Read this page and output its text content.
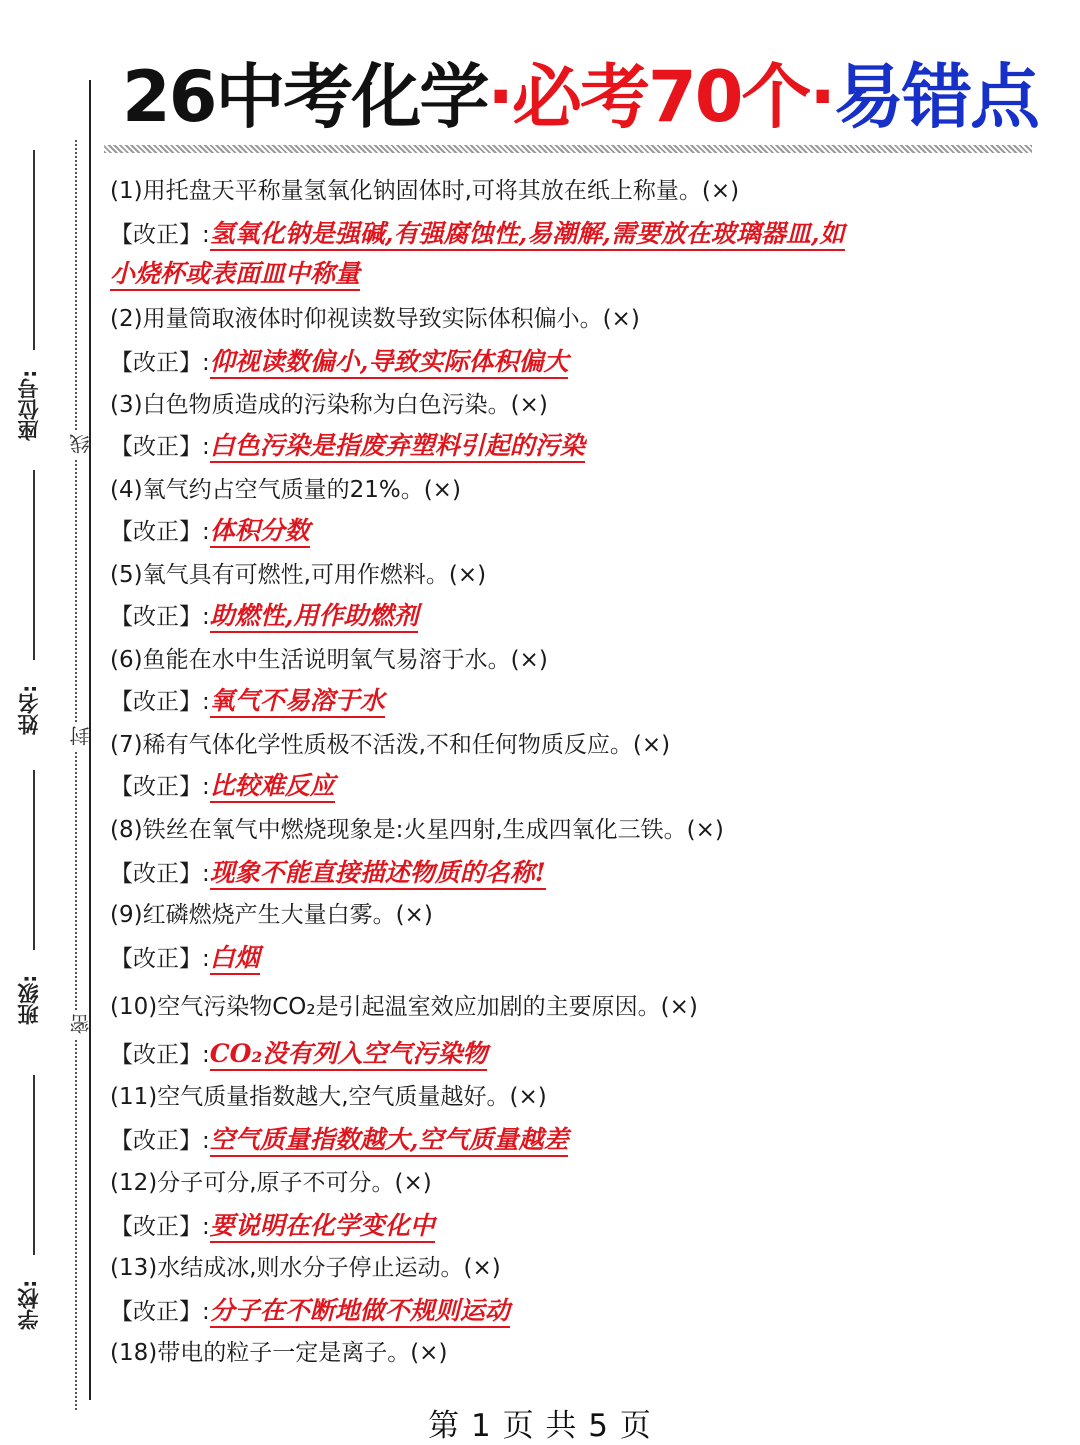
座位号:
姓名:
班级:
学校:
线
封
密
26中考化学·必考70个·易错点
(1)用托盘天平称量氢氧化钠固体时,可将其放在纸上称量。(×)
【改正】:氢氧化钠是强碱,有强腐蚀性,易潮解,需要放在玻璃器皿,如
小烧杯或表面皿中称量
(2)用量筒取液体时仰视读数导致实际体积偏小。(×)
【改正】:仰视读数偏小,导致实际体积偏大
(3)白色物质造成的污染称为白色污染。(×)
【改正】:白色污染是指废弃塑料引起的污染
(4)氧气约占空气质量的21%。(×)
【改正】:体积分数
(5)氧气具有可燃性,可用作燃料。(×)
【改正】:助燃性,用作助燃剂
(6)鱼能在水中生活说明氧气易溶于水。(×)
【改正】:氧气不易溶于水
(7)稀有气体化学性质极不活泼,不和任何物质反应。(×)
【改正】:比较难反应
(8)铁丝在氧气中燃烧现象是:火星四射,生成四氧化三铁。(×)
【改正】:现象不能直接描述物质的名称!
(9)红磷燃烧产生大量白雾。(×)
【改正】:白烟
(10)空气污染物CO₂是引起温室效应加剧的主要原因。(×)
【改正】:CO₂没有列入空气污染物
(11)空气质量指数越大,空气质量越好。(×)
【改正】:空气质量指数越大,空气质量越差
(12)分子可分,原子不可分。(×)
【改正】:要说明在化学变化中
(13)水结成冰,则水分子停止运动。(×)
【改正】:分子在不断地做不规则运动
(18)带电的粒子一定是离子。(×)
第 1 页 共 5 页
